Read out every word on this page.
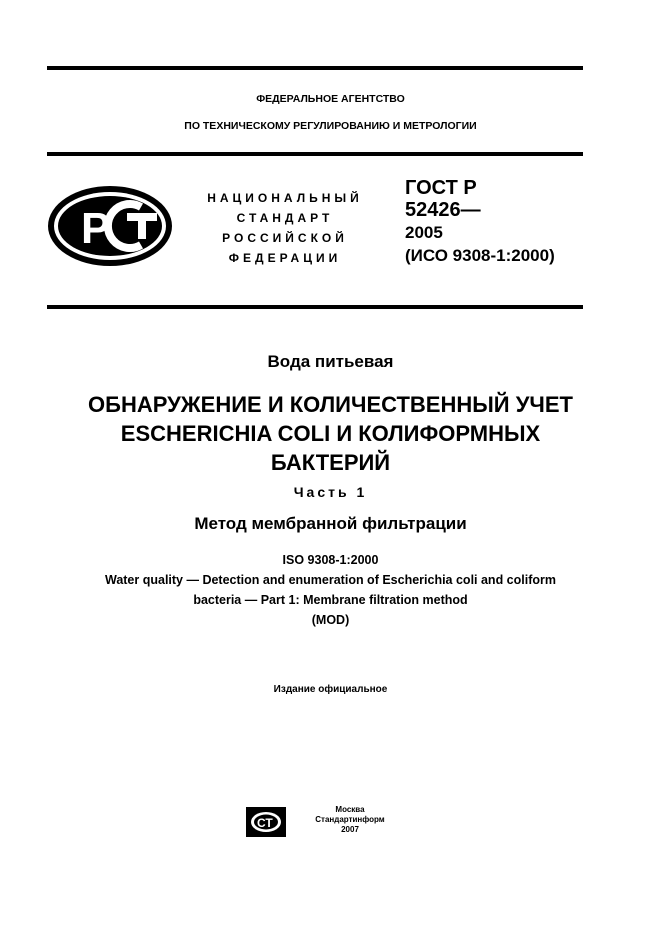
ФЕДЕРАЛЬНОЕ АГЕНТСТВО
ПО ТЕХНИЧЕСКОМУ РЕГУЛИРОВАНИЮ И МЕТРОЛОГИИ
Р
НАЦИОНАЛЬНЫЙ
СТАНДАРТ
РОССИЙСКОЙ
ФЕДЕРАЦИИ
ГОСТ Р
52426—
2005
(ИСО 9308-1:2000)
Вода питьевая
ОБНАРУЖЕНИЕ И КОЛИЧЕСТВЕННЫЙ УЧЕТ
ESCHERICHIA COLI И КОЛИФОРМНЫХ
БАКТЕРИЙ
Часть 1
Метод мембранной фильтрации
ISO 9308-1:2000
Water quality — Detection and enumeration of Escherichia coli and coliform
bacteria — Part 1: Membrane filtration method
(MOD)
Издание официальное
СТ
Москва
Стандартинформ
2007
